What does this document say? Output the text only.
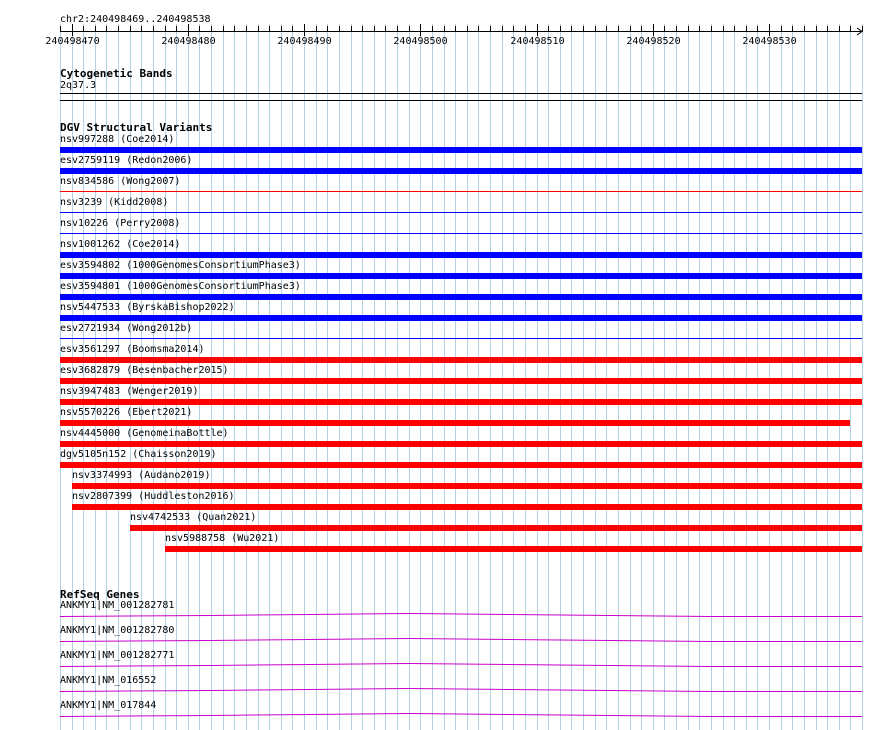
chr2:240498469..240498538
240498470	240498480	240498490	240498500	240498510	240498520	240498530
Cytogenetic Bands
2q37.3
DGV Structural Variants
nsv997288 (Coe2014)
esv2759119 (Redon2006)
nsv834586 (Wong2007)
nsv3239 (Kidd2008)
nsv10226 (Perry2008)
nsv1001262 (Coe2014)
esv3594802 (1000GenomesConsortiumPhase3)
esv3594801 (1000GenomesConsortiumPhase3)
nsv5447533 (ByrskaBishop2022)
esv2721934 (Wong2012b)
esv3561297 (Boomsma2014)
esv3682879 (Besenbacher2015)
nsv3947483 (Wenger2019)
nsv5570226 (Ebert2021)
nsv4445000 (GenomeinaBottle)
dgv5105n152 (Chaisson2019)
nsv3374993 (Audano2019)
nsv2807399 (Huddleston2016)
nsv4742533 (Quan2021)
nsv5988758 (Wu2021)
RefSeq Genes
ANKMY1|NM_001282781
ANKMY1|NM_001282780
ANKMY1|NM_001282771
ANKMY1|NM_016552
ANKMY1|NM_017844
